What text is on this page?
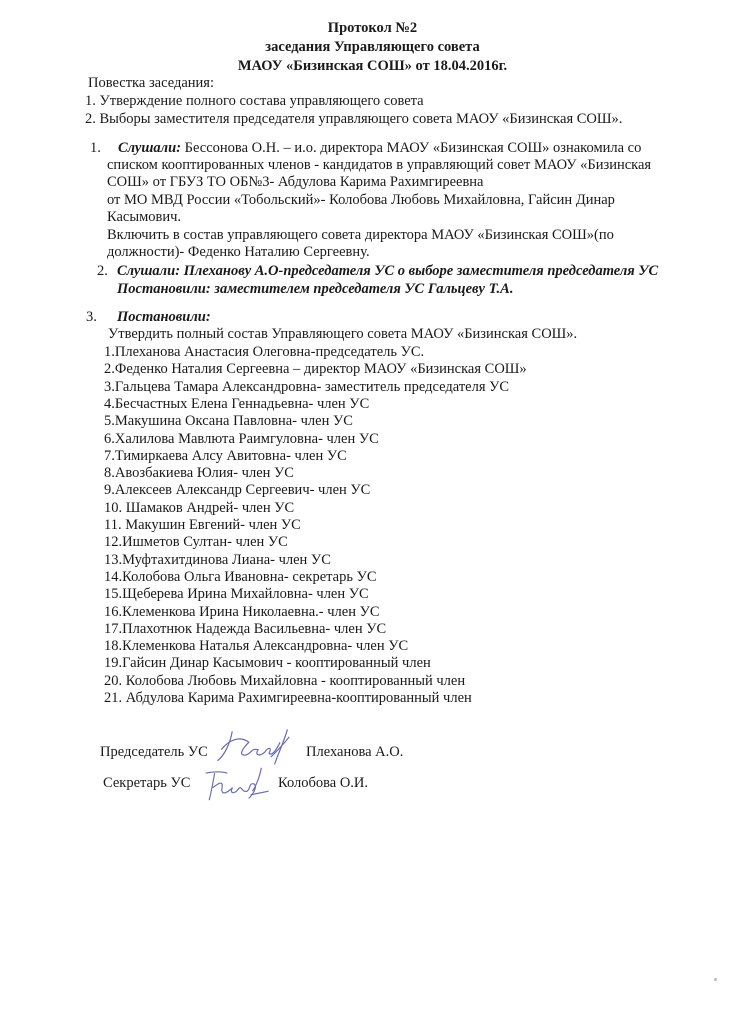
Протокол №2
заседания Управляющего совета
МАОУ «Бизинская СОШ» от 18.04.2016г.
Повестка заседания:
1. Утверждение полного состава управляющего совета
2. Выборы заместителя председателя управляющего совета МАОУ «Бизинская СОШ».
1. Слушали: Бессонова О.Н. – и.о. директора МАОУ «Бизинская СОШ» ознакомила со
списком кооптированных членов - кандидатов в управляющий совет МАОУ «Бизинская
СОШ» от ГБУЗ ТО ОБ№3- Абдулова Карима Рахимгиреевна
от МО МВД России «Тобольский»- Колобова Любовь Михайловна, Гайсин Динар
Касымович.
Включить в состав управляющего совета директора МАОУ «Бизинская СОШ»(по
должности)- Феденко Наталию Сергеевну.
2. Слушали: Плеханову А.О-председателя УС о выборе заместителя председателя УС
Постановили: заместителем председателя УС Гальцеву Т.А.
3. Постановили:
Утвердить полный состав Управляющего совета МАОУ «Бизинская СОШ».
1.Плеханова Анастасия Олеговна-председатель УС.
2.Феденко Наталия Сергеевна – директор МАОУ «Бизинская СОШ»
3.Гальцева Тамара Александровна- заместитель председателя УС
4.Бесчастных Елена Геннадьевна- член УС
5.Макушина Оксана Павловна- член УС
6.Халилова Мавлюта Раимгуловна- член УС
7.Тимиркаева Алсу Авитовна- член УС
8.Авозбакиева Юлия- член УС
9.Алексеев Александр Сергеевич- член УС
10. Шамаков Андрей- член УС
11. Макушин Евгений- член УС
12.Ишметов Султан- член УС
13.Муфтахитдинова Лиана- член УС
14.Колобова Ольга Ивановна- секретарь УС
15.Щеберева Ирина Михайловна- член УС
16.Клеменкова Ирина Николаевна.- член УС
17.Плахотнюк Надежда Васильевна- член УС
18.Клеменкова Наталья Александровна- член УС
19.Гайсин Динар Касымович - кооптированный член
20. Колобова Любовь Михайловна - кооптированный член
21. Абдулова Карима Рахимгиреевна-кооптированный член
Председатель УС	Плеханова А.О.
Секретарь УС	Колобова О.И.
